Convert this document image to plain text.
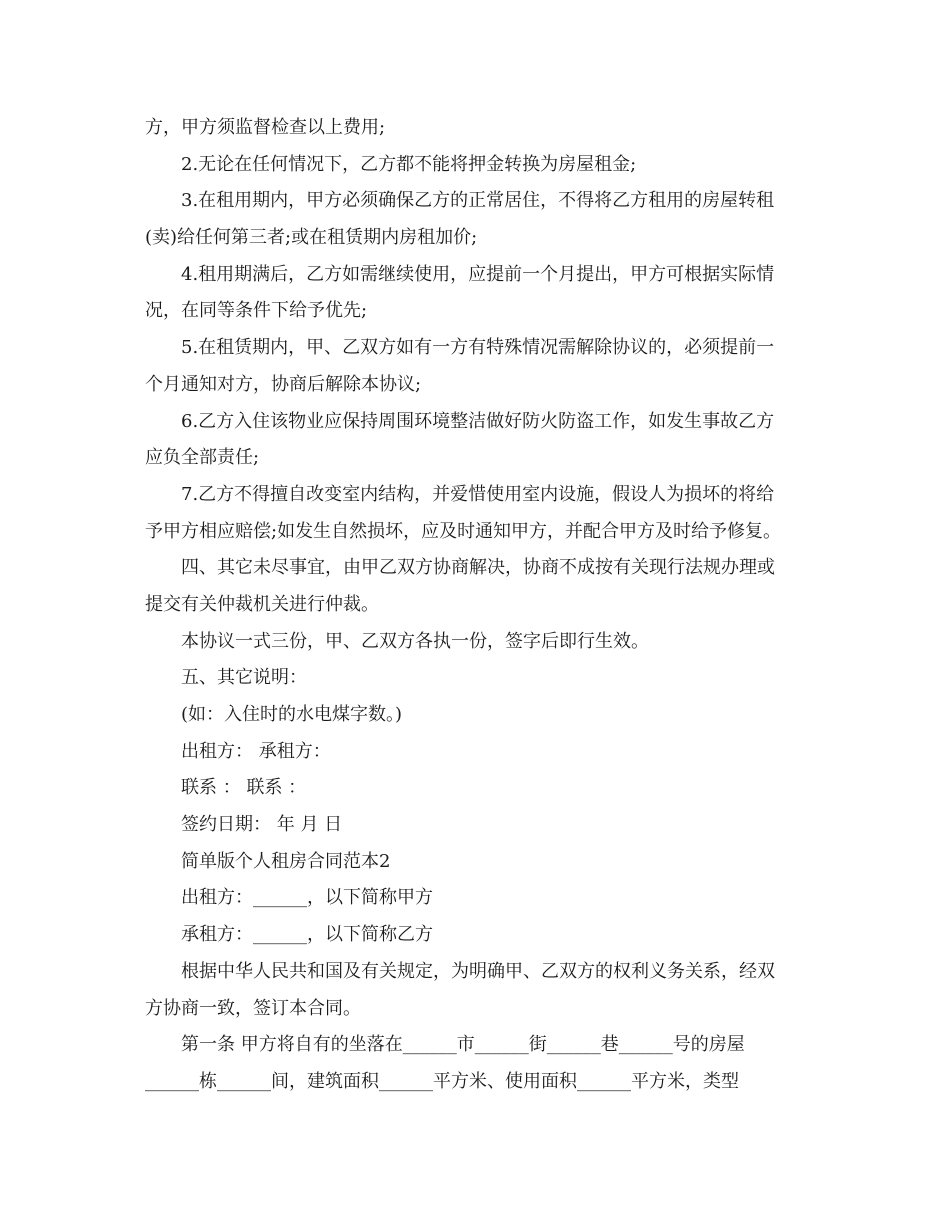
方，甲方须监督检查以上费用;

2.无论在任何情况下，乙方都不能将押金转换为房屋租金;

3.在租用期内，甲方必须确保乙方的正常居住，不得将乙方租用的房屋转租

(卖)给任何第三者;或在租赁期内房租加价;

4.租用期满后，乙方如需继续使用，应提前一个月提出，甲方可根据实际情

况，在同等条件下给予优先;

5.在租赁期内，甲、乙双方如有一方有特殊情况需解除协议的，必须提前一

个月通知对方，协商后解除本协议;

6.乙方入住该物业应保持周围环境整洁做好防火防盗工作，如发生事故乙方

应负全部责任;

7.乙方不得擅自改变室内结构，并爱惜使用室内设施，假设人为损坏的将给

予甲方相应赔偿;如发生自然损坏，应及时通知甲方，并配合甲方及时给予修复。

四、其它未尽事宜，由甲乙双方协商解决，协商不成按有关现行法规办理或

提交有关仲裁机关进行仲裁。

本协议一式三份，甲、乙双方各执一份，签字后即行生效。

五、其它说明：

(如：入住时的水电煤字数。)

出租方： 承租方：

联系 ： 联系 ：

签约日期： 年 月 日

简单版个人租房合同范本2

出租方：______，以下简称甲方

承租方：______，以下简称乙方

根据中华人民共和国及有关规定，为明确甲、乙双方的权利义务关系，经双

方协商一致，签订本合同。

第一条 甲方将自有的坐落在______市______街______巷______号的房屋

______栋______间，建筑面积______平方米、使用面积______平方米，类型
